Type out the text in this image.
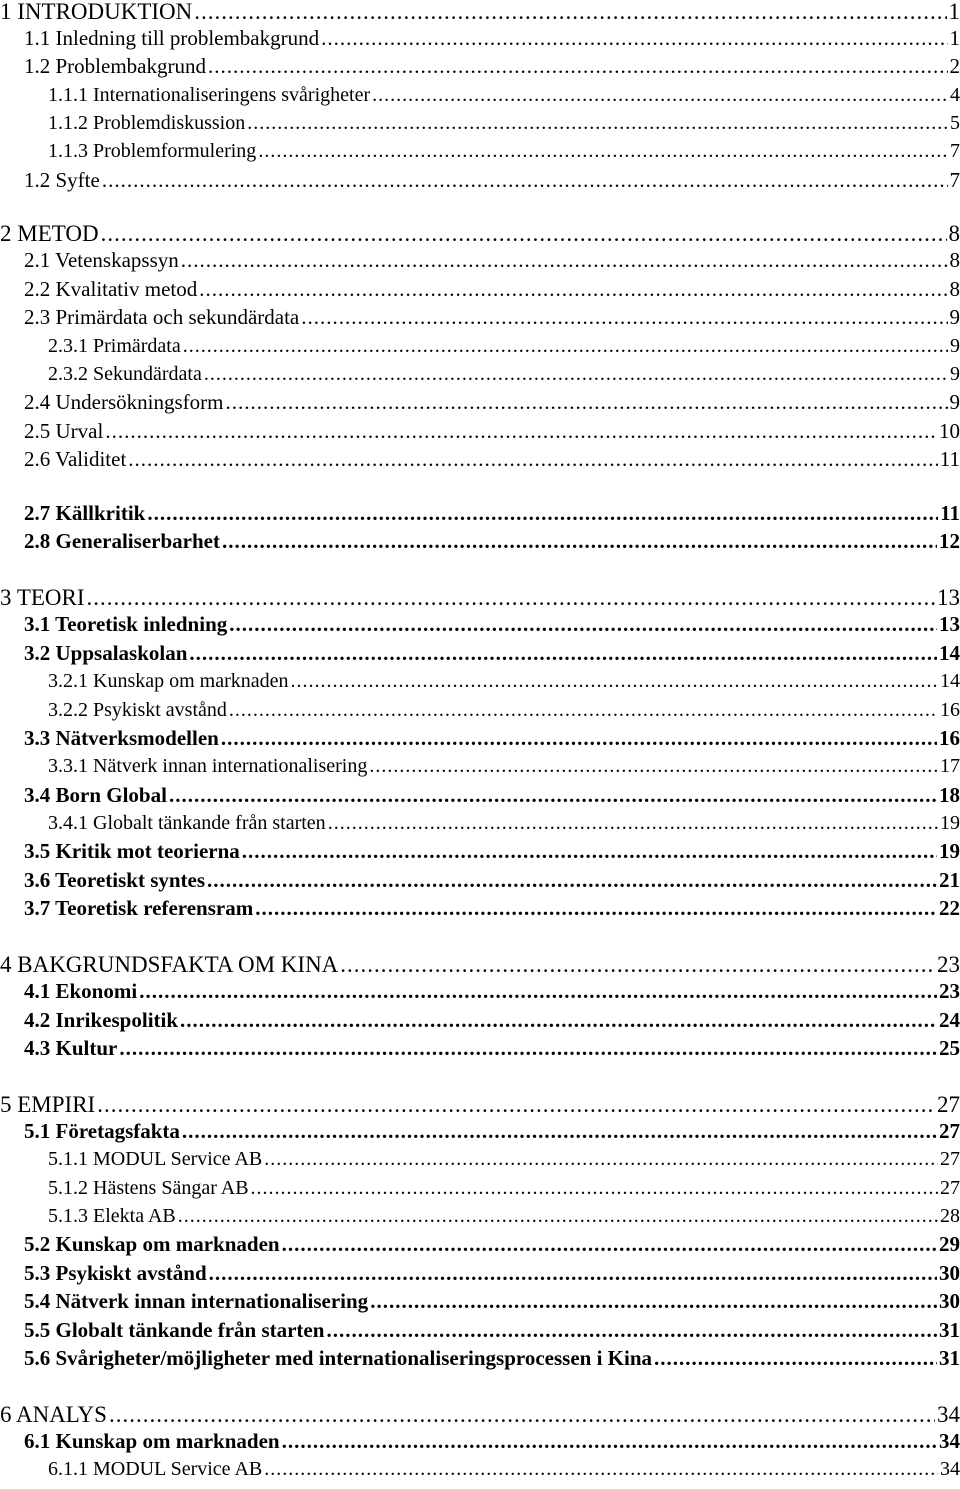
1 INTRODUKTION .....	1
1.1 Inledning till problembakgrund .....	1
1.2 Problembakgrund .....	2
1.1.1 Internationaliseringens svårigheter .....	4
1.1.2 Problemdiskussion .....	5
1.1.3 Problemformulering .....	7
1.2 Syfte .....	7
2 METOD .....	8
2.1 Vetenskapssyn .....	8
2.2 Kvalitativ metod .....	8
2.3 Primärdata och sekundärdata .....	9
2.3.1 Primärdata .....	9
2.3.2 Sekundärdata .....	9
2.4 Undersökningsform .....	9
2.5 Urval .....	10
2.6 Validitet .....	11
2.7 Källkritik .....	11
2.8 Generaliserbarhet .....	12
3 TEORI .....	13
3.1 Teoretisk inledning .....	13
3.2 Uppsalaskolan .....	14
3.2.1 Kunskap om marknaden .....	14
3.2.2 Psykiskt avstånd .....	16
3.3 Nätverksmodellen .....	16
3.3.1 Nätverk innan internationalisering .....	17
3.4 Born Global .....	18
3.4.1 Globalt tänkande från starten .....	19
3.5 Kritik mot teorierna .....	19
3.6 Teoretiskt syntes .....	21
3.7 Teoretisk referensram .....	22
4 BAKGRUNDSFAKTA OM KINA .....	23
4.1 Ekonomi .....	23
4.2 Inrikespolitik .....	24
4.3 Kultur .....	25
5 EMPIRI .....	27
5.1 Företagsfakta .....	27
5.1.1 MODUL Service AB .....	27
5.1.2 Hästens Sängar AB .....	27
5.1.3 Elekta AB .....	28
5.2 Kunskap om marknaden .....	29
5.3 Psykiskt avstånd .....	30
5.4 Nätverk innan internationalisering .....	30
5.5 Globalt tänkande från starten .....	31
5.6 Svårigheter/möjligheter med internationaliseringsprocessen i Kina .....	31
6 ANALYS .....	34
6.1 Kunskap om marknaden .....	34
6.1.1 MODUL Service AB .....	34
